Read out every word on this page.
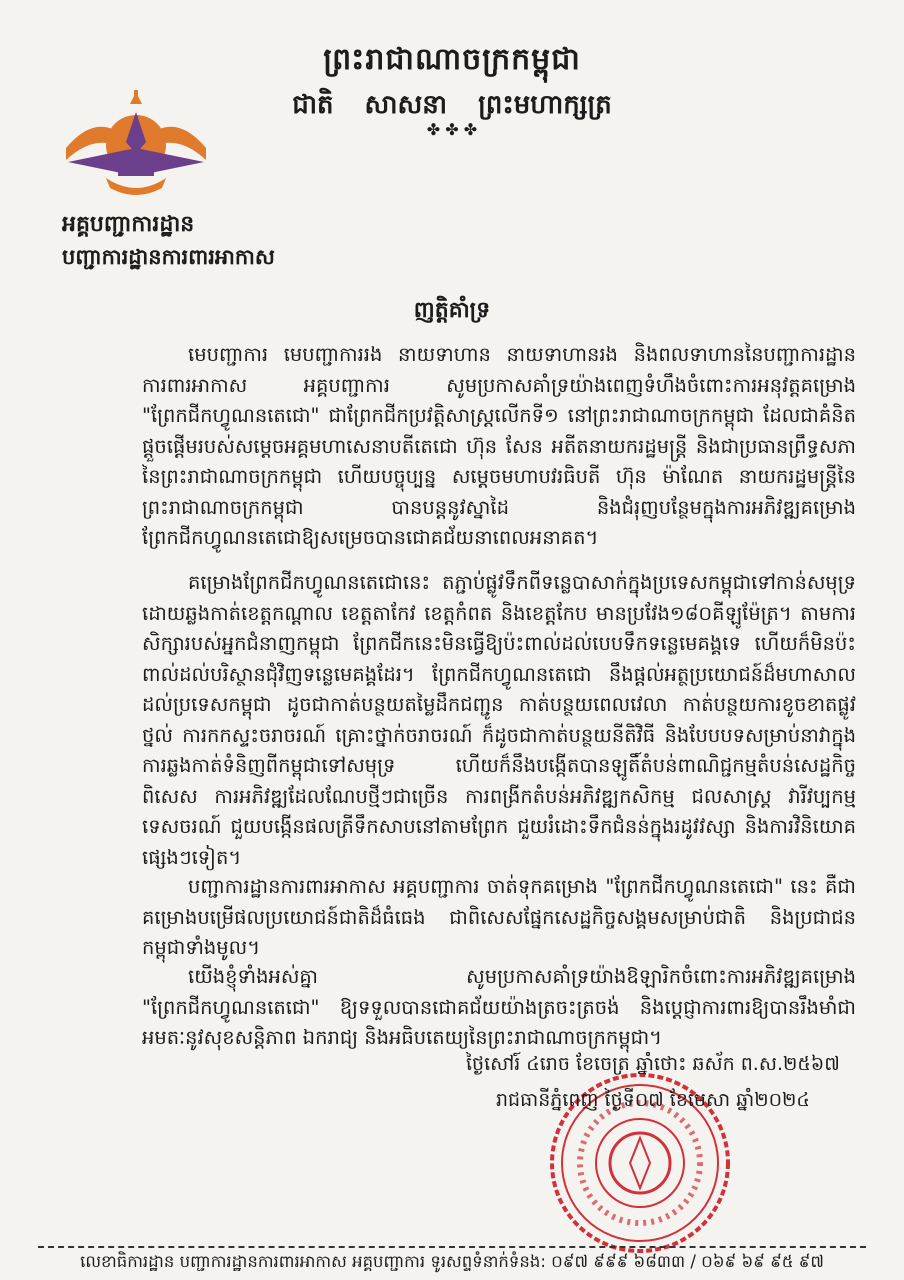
ព្រះរាជាណាចក្រកម្ពុជា
ជាតិ សាសនា ព្រះមហាក្សត្រ
✤ ✤ ✤
អគ្គបញ្ជាការដ្ឋាន
បញ្ជាការដ្ឋានការពារអាកាស
ញត្តិគាំទ្រ
មេបញ្ជាការ មេបញ្ជាការរង នាយទាហាន នាយទាហានរង និងពលទាហាននៃបញ្ជាការដ្ឋានការពារអាកាស អគ្គបញ្ជាការ សូមប្រកាសគាំទ្រយ៉ាងពេញទំហឹងចំពោះការអនុវត្តគម្រោង "ព្រែកជីកហ្វូណនតេជោ" ជាព្រែកជីកប្រវត្តិសាស្ត្រលើកទី១ នៅព្រះរាជាណាចក្រកម្ពុជា ដែលជាគំនិតផ្តួចផ្តើមរបស់សម្តេចអគ្គមហាសេនាបតីតេជោ ហ៊ុន សែន អតីតនាយករដ្ឋមន្ត្រី និងជាប្រធានព្រឹទ្ធសភានៃព្រះរាជាណាចក្រកម្ពុជា ហើយបច្ចុប្បន្ន សម្តេចមហាបវរធិបតី ហ៊ុន ម៉ាណែត នាយករដ្ឋមន្ត្រីនៃព្រះរាជាណាចក្រកម្ពុជា បានបន្តនូវស្នាដៃ និងជំរុញបន្ថែមក្នុងការអភិវឌ្ឍគម្រោងព្រែកជីកហ្វូណនតេជោឱ្យសម្រេចបានជោគជ័យនាពេលអនាគត។
គម្រោងព្រែកជីកហ្វូណនតេជោនេះ តភ្ជាប់ផ្លូវទឹកពីទន្លេបាសាក់ក្នុងប្រទេសកម្ពុជាទៅកាន់សមុទ្រ ដោយឆ្លងកាត់ខេត្តកណ្តាល ខេត្តតាកែវ ខេត្តកំពត និងខេត្តកែប មានប្រវែង១៨០គីឡូម៉ែត្រ។ តាមការសិក្សារបស់អ្នកជំនាញកម្ពុជា ព្រែកជីកនេះមិនធ្វើឱ្យប៉ះពាល់ដល់បេបទឹកទន្លេមេគង្គទេ ហើយក៏មិនប៉ះពាល់ដល់បរិស្ថានជុំវិញទន្លេមេគង្គដែរ។ ព្រែកជីកហ្វូណនតេជោ នឹងផ្តល់អត្ថប្រយោជន៍ដ៏មហាសាលដល់ប្រទេសកម្ពុជា ដូចជាកាត់បន្ថយតម្លៃដឹកជញ្ជូន កាត់បន្ថយពេលវេលា កាត់បន្ថយការខូចខាតផ្លូវថ្នល់ ការកកស្ទះចរាចរណ៍ គ្រោះថ្នាក់ចរាចរណ៍ ក៏ដូចជាកាត់បន្ថយនីតិវិធី និងបែបបទសម្រាប់នាវាក្នុងការឆ្លងកាត់ទំនិញពីកម្ពុជាទៅសមុទ្រ ហើយក៏នឹងបង្កើតបានឡូតិ៍តំបន់ពាណិជ្ជកម្មតំបន់សេដ្ឋកិច្ចពិសេស ការអភិវឌ្ឍដែលណែបថ្មីៗជាច្រើន ការពង្រីកតំបន់អភិវឌ្ឍកសិកម្ម ជលសាស្ត្រ វារីវប្បកម្ម ទេសចរណ៍ ជួយបង្កើនផលត្រីទឹកសាបនៅតាមព្រែក ជួយរំដោះទឹកជំនន់ក្នុងរដូវវស្សា និងការវិនិយោគផ្សេងៗទៀត។
បញ្ជាការដ្ឋានការពារអាកាស អគ្គបញ្ជាការ ចាត់ទុកគម្រោង "ព្រែកជីកហ្វូណនតេជោ" នេះ គឺជាគម្រោងបម្រើផលប្រយោជន៍ជាតិដ៏ធំធេង ជាពិសេសផ្នែកសេដ្ឋកិច្ចសង្គមសម្រាប់ជាតិ និងប្រជាជនកម្ពុជាទាំងមូល។
យើងខ្ញុំទាំងអស់គ្នា សូមប្រកាសគាំទ្រយ៉ាងឱឡារិកចំពោះការអភិវឌ្ឍគម្រោង "ព្រែកជីកហ្វូណនតេជោ" ឱ្យទទួលបានជោគជ័យយ៉ាងត្រចះត្រចង់ និងប្តេជ្ញាការពារឱ្យបានរឹងមាំជាអមតៈនូវសុខសន្តិភាព ឯករាជ្យ និងអធិបតេយ្យនៃព្រះរាជាណាចក្រកម្ពុជា។
ថ្ងៃសៅរ៍ ៤រោច ខែចេត្រ ឆ្នាំថោះ ឆស័ក ព.ស.២៥៦៧
រាជធានីភ្នំពេញ ថ្ងៃទី០៧ ខែមេសា ឆ្នាំ២០២៤
លេខាធិការដ្ឋាន បញ្ជាការដ្ឋានការពារអាកាស អគ្គបញ្ជាការ ទូរសព្ទទំនាក់ទំនង: ០៩៧ ៩៩៩ ៦៨៣៣ / ០៦៩ ៦៩ ៩៥ ៩៧
